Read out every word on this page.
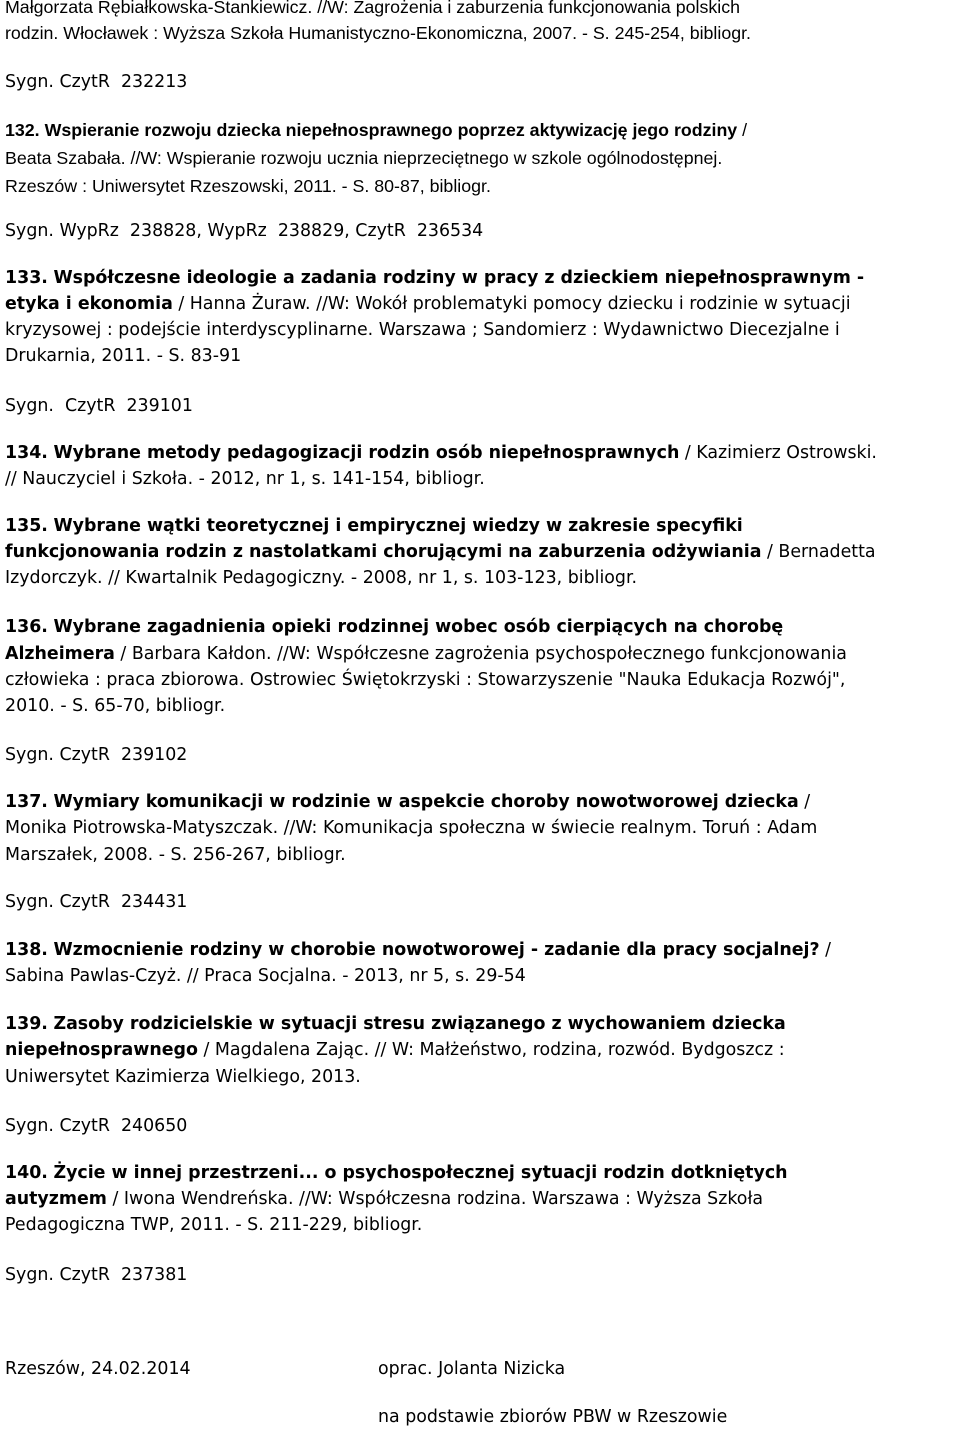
Małgorzata Rębiałkowska-Stankiewicz. //W: Zagrożenia i zaburzenia funkcjonowania polskich
rodzin. Włocławek : Wyższa Szkoła Humanistyczno-Ekonomiczna, 2007. - S. 245-254, bibliogr.
Sygn. CzytR  232213
132. Wspieranie rozwoju dziecka niepełnosprawnego poprzez aktywizację jego rodziny /
Beata Szabała. //W: Wspieranie rozwoju ucznia nieprzeciętnego w szkole ogólnodostępnej.
Rzeszów : Uniwersytet Rzeszowski, 2011. - S. 80-87, bibliogr.
Sygn. WypRz  238828, WypRz  238829, CzytR  236534
133. Współczesne ideologie a zadania rodziny w pracy z dzieckiem niepełnosprawnym -
etyka i ekonomia / Hanna Żuraw. //W: Wokół problematyki pomocy dziecku i rodzinie w sytuacji
kryzysowej : podejście interdyscyplinarne. Warszawa ; Sandomierz : Wydawnictwo Diecezjalne i
Drukarnia, 2011. - S. 83-91
Sygn.  CzytR  239101
134. Wybrane metody pedagogizacji rodzin osób niepełnosprawnych / Kazimierz Ostrowski.
// Nauczyciel i Szkoła. - 2012, nr 1, s. 141-154, bibliogr.
135. Wybrane wątki teoretycznej i empirycznej wiedzy w zakresie specyfiki
funkcjonowania rodzin z nastolatkami chorującymi na zaburzenia odżywiania / Bernadetta
Izydorczyk. // Kwartalnik Pedagogiczny. - 2008, nr 1, s. 103-123, bibliogr.
136. Wybrane zagadnienia opieki rodzinnej wobec osób cierpiących na chorobę
Alzheimera / Barbara Kałdon. //W: Współczesne zagrożenia psychospołecznego funkcjonowania
człowieka : praca zbiorowa. Ostrowiec Świętokrzyski : Stowarzyszenie "Nauka Edukacja Rozwój",
2010. - S. 65-70, bibliogr.
Sygn. CzytR  239102
137. Wymiary komunikacji w rodzinie w aspekcie choroby nowotworowej dziecka /
Monika Piotrowska-Matyszczak. //W: Komunikacja społeczna w świecie realnym. Toruń : Adam
Marszałek, 2008. - S. 256-267, bibliogr.
Sygn. CzytR  234431
138. Wzmocnienie rodziny w chorobie nowotworowej - zadanie dla pracy socjalnej? /
Sabina Pawlas-Czyż. // Praca Socjalna. - 2013, nr 5, s. 29-54
139. Zasoby rodzicielskie w sytuacji stresu związanego z wychowaniem dziecka
niepełnosprawnego / Magdalena Zając. // W: Małżeństwo, rodzina, rozwód. Bydgoszcz :
Uniwersytet Kazimierza Wielkiego, 2013.
Sygn. CzytR  240650
140. Życie w innej przestrzeni... o psychospołecznej sytuacji rodzin dotkniętych
autyzmem / Iwona Wendreńska. //W: Współczesna rodzina. Warszawa : Wyższa Szkoła
Pedagogiczna TWP, 2011. - S. 211-229, bibliogr.
Sygn. CzytR  237381
Rzeszów, 24.02.2014	oprac. Jolanta Nizicka
na podstawie zbiorów PBW w Rzeszowie
